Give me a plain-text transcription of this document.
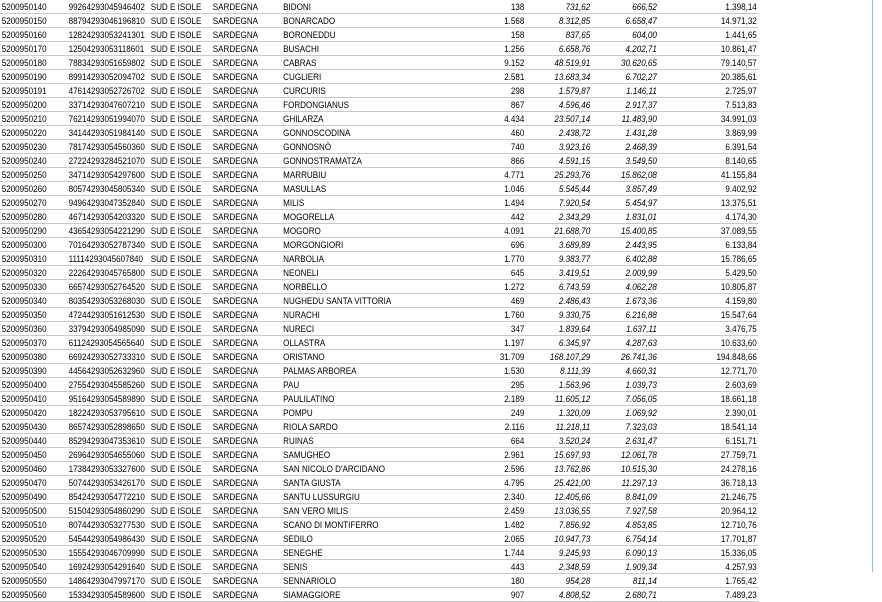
5200950140	99264293045946402	SUD E ISOLE	SARDEGNA	BIDONI	138	731,62	666,52	1.398,14
5200950150	88794293046196810	SUD E ISOLE	SARDEGNA	BONARCADO	1.568	8.312,85	6.658,47	14.971,32
5200950160	12824293053241301	SUD E ISOLE	SARDEGNA	BORONEDDU	158	837,65	604,00	1.441,65
5200950170	12504293053118601	SUD E ISOLE	SARDEGNA	BUSACHI	1.256	6.658,76	4.202,71	10.861,47
5200950180	78834293051659802	SUD E ISOLE	SARDEGNA	CABRAS	9.152	48.519,91	30.620,65	79.140,57
5200950190	89914293052094702	SUD E ISOLE	SARDEGNA	CUGLIERI	2.581	13.683,34	6.702,27	20.385,61
5200950191	47614293052726702	SUD E ISOLE	SARDEGNA	CURCURIS	298	1.579,87	1.146,11	2.725,97
5200950200	33714293047607210	SUD E ISOLE	SARDEGNA	FORDONGIANUS	867	4.596,46	2.917,37	7.513,83
5200950210	76214293051994070	SUD E ISOLE	SARDEGNA	GHILARZA	4.434	23.507,14	11.483,90	34.991,03
5200950220	34144293051984140	SUD E ISOLE	SARDEGNA	GONNOSCODINA	460	2.438,72	1.431,28	3.869,99
5200950230	78174293054560360	SUD E ISOLE	SARDEGNA	GONNOSNÒ	740	3.923,16	2.468,39	6.391,54
5200950240	27224293284521070	SUD E ISOLE	SARDEGNA	GONNOSTRAMATZA	866	4.591,15	3.549,50	8.140,65
5200950250	34714293054297600	SUD E ISOLE	SARDEGNA	MARRUBIU	4.771	25.293,76	15.862,08	41.155,84
5200950260	80574293045805340	SUD E ISOLE	SARDEGNA	MASULLAS	1.046	5.545,44	3.857,49	9.402,92
5200950270	94964293047352840	SUD E ISOLE	SARDEGNA	MILIS	1.494	7.920,54	5.454,97	13.375,51
5200950280	46714293054203320	SUD E ISOLE	SARDEGNA	MOGORELLA	442	2.343,29	1.831,01	4.174,30
5200950290	43654293054221290	SUD E ISOLE	SARDEGNA	MOGORO	4.091	21.688,70	15.400,85	37.089,55
5200950300	70164293052787340	SUD E ISOLE	SARDEGNA	MORGONGIORI	696	3.689,89	2.443,95	6.133,84
5200950310	11114293045607840	SUD E ISOLE	SARDEGNA	NARBOLIA	1.770	9.383,77	6.402,88	15.786,65
5200950320	22264293045765800	SUD E ISOLE	SARDEGNA	NEONELI	645	3.419,51	2.009,99	5.429,50
5200950330	66574293052764520	SUD E ISOLE	SARDEGNA	NORBELLO	1.272	6.743,59	4.062,28	10.805,87
5200950340	80354293053268030	SUD E ISOLE	SARDEGNA	NUGHEDU SANTA VITTORIA	469	2.486,43	1.673,36	4.159,80
5200950350	47244293051612530	SUD E ISOLE	SARDEGNA	NURACHI	1.760	9.330,75	6.216,88	15.547,64
5200950360	33794293054985090	SUD E ISOLE	SARDEGNA	NURECI	347	1.839,64	1.637,11	3.476,75
5200950370	61124293054565640	SUD E ISOLE	SARDEGNA	OLLASTRA	1.197	6.345,97	4.287,63	10.633,60
5200950380	66924293052733310	SUD E ISOLE	SARDEGNA	ORISTANO	31.709	168.107,29	26.741,36	194.848,66
5200950390	44564293052632960	SUD E ISOLE	SARDEGNA	PALMAS ARBOREA	1.530	8.111,39	4.660,31	12.771,70
5200950400	27554293045585260	SUD E ISOLE	SARDEGNA	PAU	295	1.563,96	1.039,73	2.603,69
5200950410	95164293054589890	SUD E ISOLE	SARDEGNA	PAULILATINO	2.189	11.605,12	7.056,05	18.661,18
5200950420	18224293053795610	SUD E ISOLE	SARDEGNA	POMPU	249	1.320,09	1.069,92	2.390,01
5200950430	86574293052898650	SUD E ISOLE	SARDEGNA	RIOLA SARDO	2.116	11.218,11	7.323,03	18.541,14
5200950440	85294293047353610	SUD E ISOLE	SARDEGNA	RUINAS	664	3.520,24	2.631,47	6.151,71
5200950450	26964293054655060	SUD E ISOLE	SARDEGNA	SAMUGHEO	2.961	15.697,93	12.061,78	27.759,71
5200950460	17384293053327600	SUD E ISOLE	SARDEGNA	SAN NICOLO D'ARCIDANO	2.596	13.762,86	10.515,30	24.278,16
5200950470	50744293053426170	SUD E ISOLE	SARDEGNA	SANTA GIUSTA	4.795	25.421,00	11.297,13	36.718,13
5200950490	85424293054772210	SUD E ISOLE	SARDEGNA	SANTU LUSSURGIU	2.340	12.405,66	8.841,09	21.246,75
5200950500	51504293054860290	SUD E ISOLE	SARDEGNA	SAN VERO MILIS	2.459	13.036,55	7.927,58	20.964,12
5200950510	80744293053277530	SUD E ISOLE	SARDEGNA	SCANO DI MONTIFERRO	1.482	7.856,92	4.853,85	12.710,76
5200950520	54544293054986430	SUD E ISOLE	SARDEGNA	SEDILO	2.065	10.947,73	6.754,14	17.701,87
5200950530	15554293046709990	SUD E ISOLE	SARDEGNA	SENEGHE	1.744	9.245,93	6.090,13	15.336,05
5200950540	16924293054291640	SUD E ISOLE	SARDEGNA	SENIS	443	2.348,59	1.909,34	4.257,93
5200950550	14864293047997170	SUD E ISOLE	SARDEGNA	SENNARIOLO	180	954,28	811,14	1.765,42
5200950560	15334293054589600	SUD E ISOLE	SARDEGNA	SIAMAGGIORE	907	4.808,52	2.680,71	7.489,23
